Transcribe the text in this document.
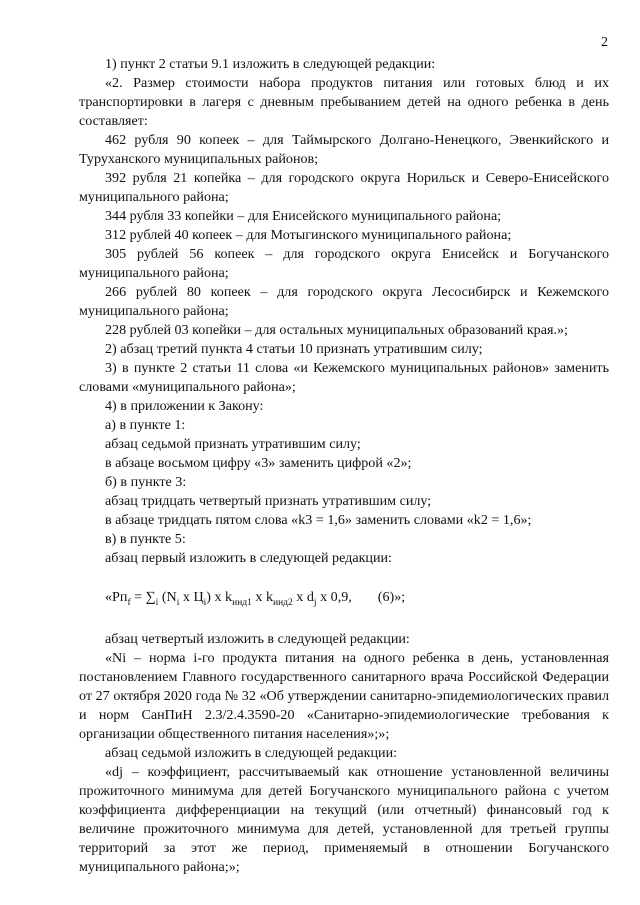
2

1) пункт 2 статьи 9.1 изложить в следующей редакции:

«2. Размер стоимости набора продуктов питания или готовых блюд и их транспортировки в лагеря с дневным пребыванием детей на одного ребенка в день составляет:

462 рубля 90 копеек – для Таймырского Долгано-Ненецкого, Эвенкийского и Туруханского муниципальных районов;

392 рубля 21 копейка – для городского округа Норильск и Северо-Енисейского муниципального района;

344 рубля 33 копейки – для Енисейского муниципального района;

312 рублей 40 копеек – для Мотыгинского муниципального района;

305 рублей 56 копеек – для городского округа Енисейск и Богучанского муниципального района;

266 рублей 80 копеек – для городского округа Лесосибирск и Кежемского муниципального района;

228 рублей 03 копейки – для остальных муниципальных образований края.»;

2) абзац третий пункта 4 статьи 10 признать утратившим силу;

3) в пункте 2 статьи 11 слова «и Кежемского муниципальных районов» заменить словами «муниципального района»;

4) в приложении к Закону:

а) в пункте 1:

абзац седьмой признать утратившим силу;

в абзаце восьмом цифру «3» заменить цифрой «2»;

б) в пункте 3:

абзац тридцать четвертый признать утратившим силу;

в абзаце тридцать пятом слова «k3 = 1,6» заменить словами «k2 = 1,6»;

в) в пункте 5:

абзац первый изложить в следующей редакции:

«$Рп_f = \sum_i$ ($N_i$ x $Ц_i$) x $k_{инд1}$ x $k_{инд2}$ x $d_j$ x 0,9, (6)»;

абзац четвертый изложить в следующей редакции:

«Ni – норма i-го продукта питания на одного ребенка в день, установленная постановлением Главного государственного санитарного врача Российской Федерации от 27 октября 2020 года № 32 «Об утверждении санитарно-эпидемиологических правил и норм СанПиН 2.3/2.4.3590-20 «Санитарно-эпидемиологические требования к организации общественного питания населения»;»;

абзац седьмой изложить в следующей редакции:

«dj – коэффициент, рассчитываемый как отношение установленной величины прожиточного минимума для детей Богучанского муниципального района с учетом коэффициента дифференциации на текущий (или отчетный) финансовый год к величине прожиточного минимума для детей, установленной для третьей группы территорий за этот же период, применяемый в отношении Богучанского муниципального района;»;
